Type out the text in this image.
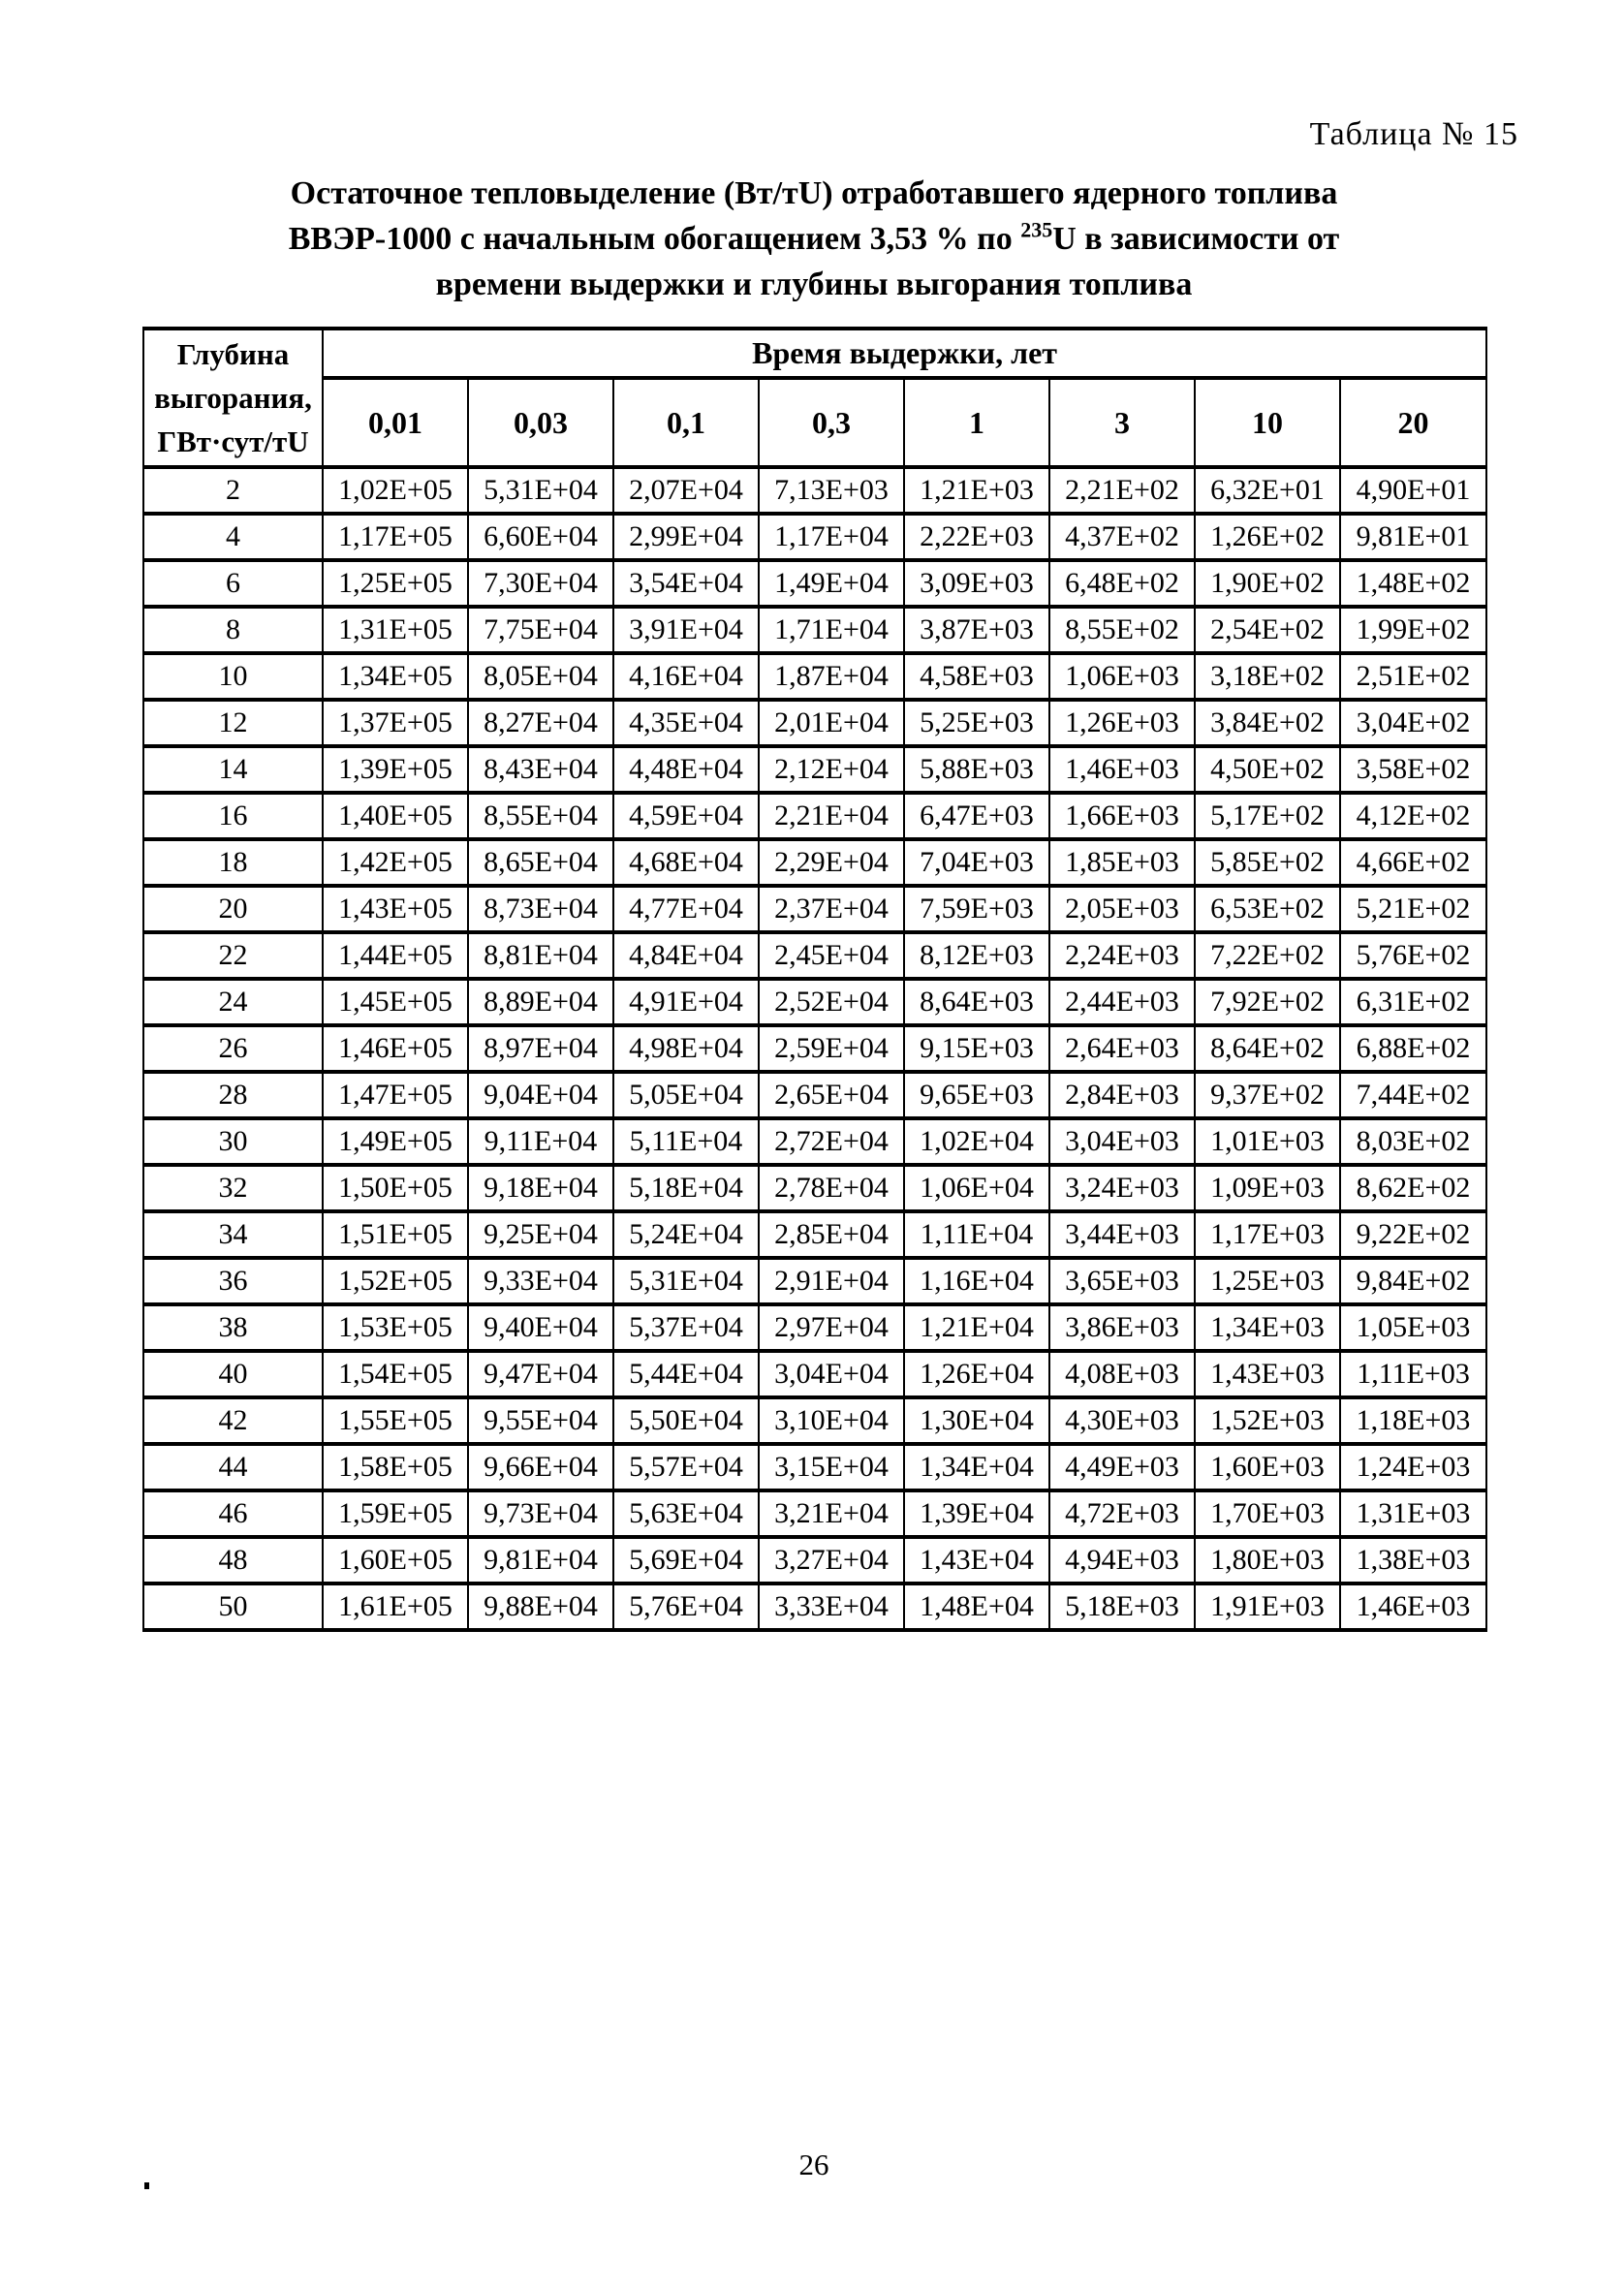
Таблица № 15
Остаточное тепловыделение (Вт/тU) отработавшего ядерного топлива
ВВЭР-1000 с начальным обогащением 3,53 % по $^{235}$U в зависимости от
времени выдержки и глубины выгорания топлива
Глубина
выгорания,
ГВт·сут/тU	Время выдержки, лет							
	0,01	0,03	0,1	0,3	1	3	10	20
2	1,02E+05	5,31E+04	2,07E+04	7,13E+03	1,21E+03	2,21E+02	6,32E+01	4,90E+01
4	1,17E+05	6,60E+04	2,99E+04	1,17E+04	2,22E+03	4,37E+02	1,26E+02	9,81E+01
6	1,25E+05	7,30E+04	3,54E+04	1,49E+04	3,09E+03	6,48E+02	1,90E+02	1,48E+02
8	1,31E+05	7,75E+04	3,91E+04	1,71E+04	3,87E+03	8,55E+02	2,54E+02	1,99E+02
10	1,34E+05	8,05E+04	4,16E+04	1,87E+04	4,58E+03	1,06E+03	3,18E+02	2,51E+02
12	1,37E+05	8,27E+04	4,35E+04	2,01E+04	5,25E+03	1,26E+03	3,84E+02	3,04E+02
14	1,39E+05	8,43E+04	4,48E+04	2,12E+04	5,88E+03	1,46E+03	4,50E+02	3,58E+02
16	1,40E+05	8,55E+04	4,59E+04	2,21E+04	6,47E+03	1,66E+03	5,17E+02	4,12E+02
18	1,42E+05	8,65E+04	4,68E+04	2,29E+04	7,04E+03	1,85E+03	5,85E+02	4,66E+02
20	1,43E+05	8,73E+04	4,77E+04	2,37E+04	7,59E+03	2,05E+03	6,53E+02	5,21E+02
22	1,44E+05	8,81E+04	4,84E+04	2,45E+04	8,12E+03	2,24E+03	7,22E+02	5,76E+02
24	1,45E+05	8,89E+04	4,91E+04	2,52E+04	8,64E+03	2,44E+03	7,92E+02	6,31E+02
26	1,46E+05	8,97E+04	4,98E+04	2,59E+04	9,15E+03	2,64E+03	8,64E+02	6,88E+02
28	1,47E+05	9,04E+04	5,05E+04	2,65E+04	9,65E+03	2,84E+03	9,37E+02	7,44E+02
30	1,49E+05	9,11E+04	5,11E+04	2,72E+04	1,02E+04	3,04E+03	1,01E+03	8,03E+02
32	1,50E+05	9,18E+04	5,18E+04	2,78E+04	1,06E+04	3,24E+03	1,09E+03	8,62E+02
34	1,51E+05	9,25E+04	5,24E+04	2,85E+04	1,11E+04	3,44E+03	1,17E+03	9,22E+02
36	1,52E+05	9,33E+04	5,31E+04	2,91E+04	1,16E+04	3,65E+03	1,25E+03	9,84E+02
38	1,53E+05	9,40E+04	5,37E+04	2,97E+04	1,21E+04	3,86E+03	1,34E+03	1,05E+03
40	1,54E+05	9,47E+04	5,44E+04	3,04E+04	1,26E+04	4,08E+03	1,43E+03	1,11E+03
42	1,55E+05	9,55E+04	5,50E+04	3,10E+04	1,30E+04	4,30E+03	1,52E+03	1,18E+03
44	1,58E+05	9,66E+04	5,57E+04	3,15E+04	1,34E+04	4,49E+03	1,60E+03	1,24E+03
46	1,59E+05	9,73E+04	5,63E+04	3,21E+04	1,39E+04	4,72E+03	1,70E+03	1,31E+03
48	1,60E+05	9,81E+04	5,69E+04	3,27E+04	1,43E+04	4,94E+03	1,80E+03	1,38E+03
50	1,61E+05	9,88E+04	5,76E+04	3,33E+04	1,48E+04	5,18E+03	1,91E+03	1,46E+03
26
